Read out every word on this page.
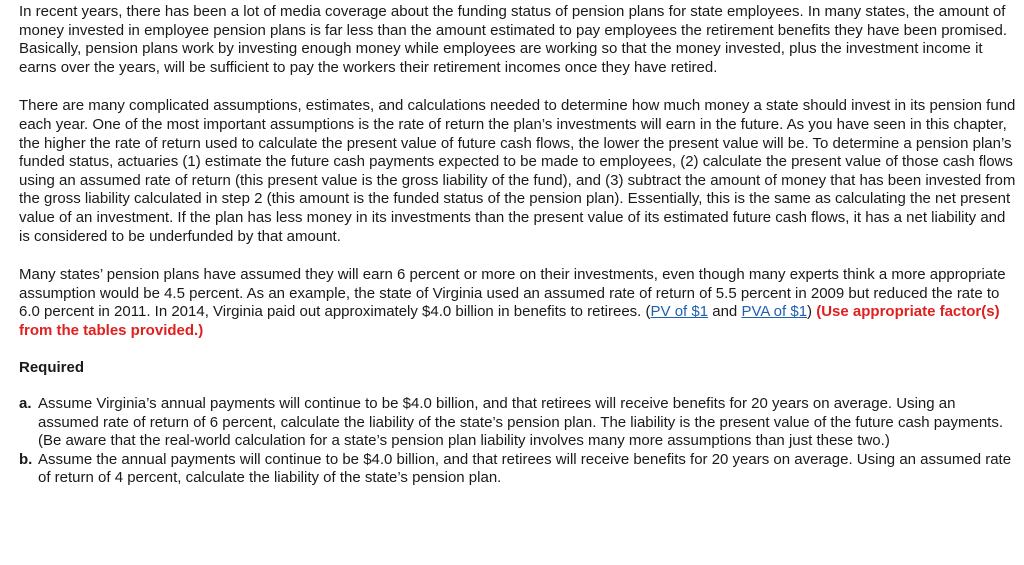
In recent years, there has been a lot of media coverage about the funding status of pension plans for state employees. In many states, the amount of money invested in employee pension plans is far less than the amount estimated to pay employees the retirement benefits they have been promised. Basically, pension plans work by investing enough money while employees are working so that the money invested, plus the investment income it earns over the years, will be sufficient to pay the workers their retirement incomes once they have retired.

There are many complicated assumptions, estimates, and calculations needed to determine how much money a state should invest in its pension fund each year. One of the most important assumptions is the rate of return the plan’s investments will earn in the future. As you have seen in this chapter, the higher the rate of return used to calculate the present value of future cash flows, the lower the present value will be. To determine a pension plan’s funded status, actuaries (1) estimate the future cash payments expected to be made to employees, (2) calculate the present value of those cash flows using an assumed rate of return (this present value is the gross liability of the fund), and (3) subtract the amount of money that has been invested from the gross liability calculated in step 2 (this amount is the funded status of the pension plan). Essentially, this is the same as calculating the net present value of an investment. If the plan has less money in its investments than the present value of its estimated future cash flows, it has a net liability and is considered to be underfunded by that amount.

Many states’ pension plans have assumed they will earn 6 percent or more on their investments, even though many experts think a more appropriate assumption would be 4.5 percent. As an example, the state of Virginia used an assumed rate of return of 5.5 percent in 2009 but reduced the rate to 6.0 percent in 2011. In 2014, Virginia paid out approximately $4.0 billion in benefits to retirees. (PV of $1 and PVA of $1) (Use appropriate factor(s) from the tables provided.)

Required

a. Assume Virginia’s annual payments will continue to be $4.0 billion, and that retirees will receive benefits for 20 years on average. Using an assumed rate of return of 6 percent, calculate the liability of the state’s pension plan. The liability is the present value of the future cash payments. (Be aware that the real-world calculation for a state’s pension plan liability involves many more assumptions than just these two.)
b. Assume the annual payments will continue to be $4.0 billion, and that retirees will receive benefits for 20 years on average. Using an assumed rate of return of 4 percent, calculate the liability of the state’s pension plan.
